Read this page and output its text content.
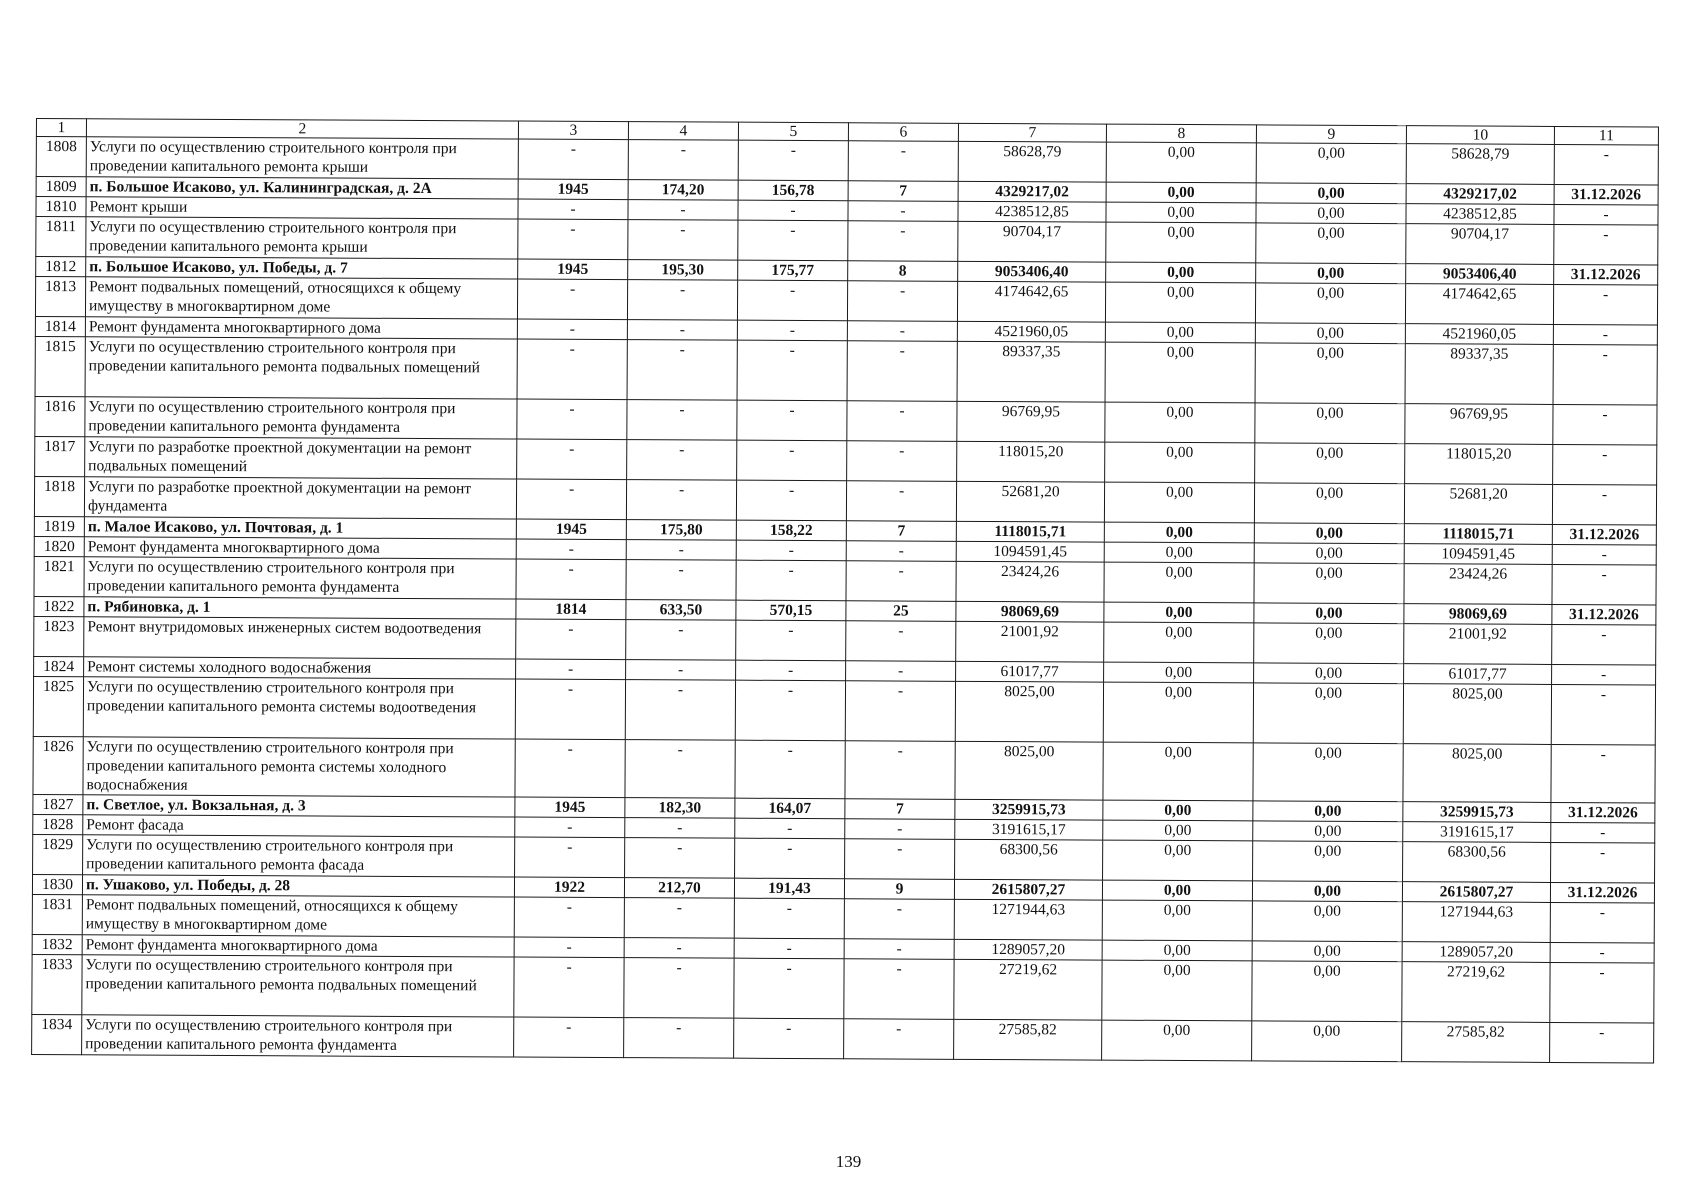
1	2	3	4	5	6	7	8	9	10	11
1808	Услуги по осуществлению строительного контроля при проведении капитального ремонта крыши	-	-	-	-	58628,79	0,00	0,00	58628,79	-
1809	п. Большое Исаково, ул. Калининградская, д. 2А	1945	174,20	156,78	7	4329217,02	0,00	0,00	4329217,02	31.12.2026
1810	Ремонт крыши	-	-	-	-	4238512,85	0,00	0,00	4238512,85	-
1811	Услуги по осуществлению строительного контроля при проведении капитального ремонта крыши	-	-	-	-	90704,17	0,00	0,00	90704,17	-
1812	п. Большое Исаково, ул. Победы, д. 7	1945	195,30	175,77	8	9053406,40	0,00	0,00	9053406,40	31.12.2026
1813	Ремонт подвальных помещений, относящихся к общему имуществу в многоквартирном доме	-	-	-	-	4174642,65	0,00	0,00	4174642,65	-
1814	Ремонт фундамента многоквартирного дома	-	-	-	-	4521960,05	0,00	0,00	4521960,05	-
1815	Услуги по осуществлению строительного контроля при проведении капитального ремонта подвальных помещений	-	-	-	-	89337,35	0,00	0,00	89337,35	-
1816	Услуги по осуществлению строительного контроля при проведении капитального ремонта фундамента	-	-	-	-	96769,95	0,00	0,00	96769,95	-
1817	Услуги по разработке проектной документации на ремонт подвальных помещений	-	-	-	-	118015,20	0,00	0,00	118015,20	-
1818	Услуги по разработке проектной документации на ремонт фундамента	-	-	-	-	52681,20	0,00	0,00	52681,20	-
1819	п. Малое Исаково, ул. Почтовая, д. 1	1945	175,80	158,22	7	1118015,71	0,00	0,00	1118015,71	31.12.2026
1820	Ремонт фундамента многоквартирного дома	-	-	-	-	1094591,45	0,00	0,00	1094591,45	-
1821	Услуги по осуществлению строительного контроля при проведении капитального ремонта фундамента	-	-	-	-	23424,26	0,00	0,00	23424,26	-
1822	п. Рябиновка, д. 1	1814	633,50	570,15	25	98069,69	0,00	0,00	98069,69	31.12.2026
1823	Ремонт внутридомовых инженерных систем водоотведения	-	-	-	-	21001,92	0,00	0,00	21001,92	-
1824	Ремонт системы холодного водоснабжения	-	-	-	-	61017,77	0,00	0,00	61017,77	-
1825	Услуги по осуществлению строительного контроля при проведении капитального ремонта системы водоотведения	-	-	-	-	8025,00	0,00	0,00	8025,00	-
1826	Услуги по осуществлению строительного контроля при проведении капитального ремонта системы холодного водоснабжения	-	-	-	-	8025,00	0,00	0,00	8025,00	-
1827	п. Светлое, ул. Вокзальная, д. 3	1945	182,30	164,07	7	3259915,73	0,00	0,00	3259915,73	31.12.2026
1828	Ремонт фасада	-	-	-	-	3191615,17	0,00	0,00	3191615,17	-
1829	Услуги по осуществлению строительного контроля при проведении капитального ремонта фасада	-	-	-	-	68300,56	0,00	0,00	68300,56	-
1830	п. Ушаково, ул. Победы, д. 28	1922	212,70	191,43	9	2615807,27	0,00	0,00	2615807,27	31.12.2026
1831	Ремонт подвальных помещений, относящихся к общему имуществу в многоквартирном доме	-	-	-	-	1271944,63	0,00	0,00	1271944,63	-
1832	Ремонт фундамента многоквартирного дома	-	-	-	-	1289057,20	0,00	0,00	1289057,20	-
1833	Услуги по осуществлению строительного контроля при проведении капитального ремонта подвальных помещений	-	-	-	-	27219,62	0,00	0,00	27219,62	-
1834	Услуги по осуществлению строительного контроля при проведении капитального ремонта фундамента	-	-	-	-	27585,82	0,00	0,00	27585,82	-
139
